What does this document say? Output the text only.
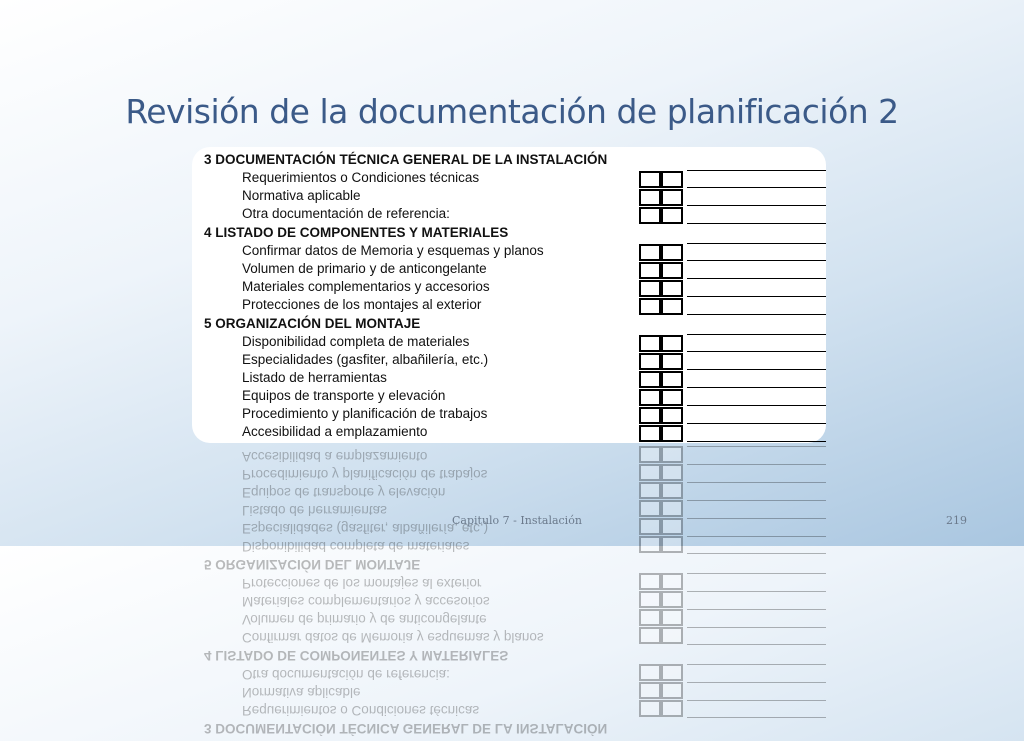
Revisión de la documentación de planificación 2
3 DOCUMENTACIÓN TÉCNICA GENERAL DE LA INSTALACIÓN
Requerimientos o Condiciones técnicas
Normativa aplicable
Otra documentación de referencia:
4 LISTADO DE COMPONENTES Y MATERIALES
Confirmar datos de Memoria y esquemas y planos
Volumen de primario y de anticongelante
Materiales complementarios y accesorios
Protecciones de los montajes al exterior
5 ORGANIZACIÓN DEL MONTAJE
Disponibilidad completa de materiales
Especialidades (gasfiter, albañilería, etc.)
Listado de herramientas
Equipos de transporte y elevación
Procedimiento y planificación de trabajos
Accesibilidad a emplazamiento
3 DOCUMENTACIÓN TÉCNICA GENERAL DE LA INSTALACIÓN
Requerimientos o Condiciones técnicas
Normativa aplicable
Otra documentación de referencia:
4 LISTADO DE COMPONENTES Y MATERIALES
Confirmar datos de Memoria y esquemas y planos
Volumen de primario y de anticongelante
Materiales complementarios y accesorios
Protecciones de los montajes al exterior
5 ORGANIZACIÓN DEL MONTAJE
Disponibilidad completa de materiales
Especialidades (gasfiter, albañilería, etc.)
Listado de herramientas
Equipos de transporte y elevación
Procedimiento y planificación de trabajos
Accesibilidad a emplazamiento
Capitulo 7 - Instalación	219
